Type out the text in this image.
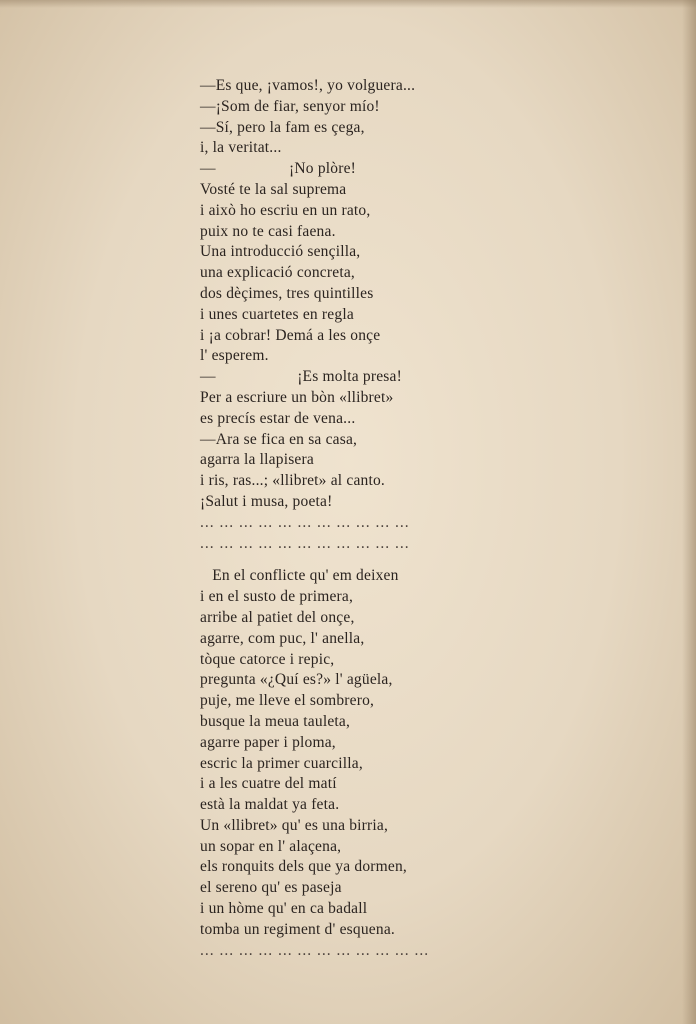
—Es que, ¡vamos!, yo volguera...
—¡Som de fiar, senyor mío!
—Sí, pero la fam es çega,
i, la veritat...
—                  ¡No plòre!
Vosté te la sal suprema
i això ho escriu en un rato,
puix no te casi faena.
Una introducció sençilla,
una explicació concreta,
dos dèçimes, tres quintilles
i unes cuartetes en regla
i ¡a cobrar! Demá a les onçe
l' esperem.
—                    ¡Es molta presa!
Per a escriure un bòn «llibret»
es precís estar de vena...
—Ara se fica en sa casa,
agarra la llapisera
i ris, ras...; «llibret» al canto.
¡Salut i musa, poeta!
... ... ... ... ... ... ... ... ... ... ...
... ... ... ... ... ... ... ... ... ... ...
En el conflicte qu' em deixen
i en el susto de primera,
arribe al patiet del onçe,
agarre, com puc, l' anella,
tòque catorce i repic,
pregunta «¿Quí es?» l' agüela,
puje, me lleve el sombrero,
busque la meua tauleta,
agarre paper i ploma,
escric la primer cuarcilla,
i a les cuatre del matí
està la maldat ya feta.
Un «llibret» qu' es una birria,
un sopar en l' alaçena,
els ronquits dels que ya dormen,
el sereno qu' es paseja
i un hòme qu' en ca badall
tomba un regiment d' esquena.
... ... ... ... ... ... ... ... ... ... ... ...
